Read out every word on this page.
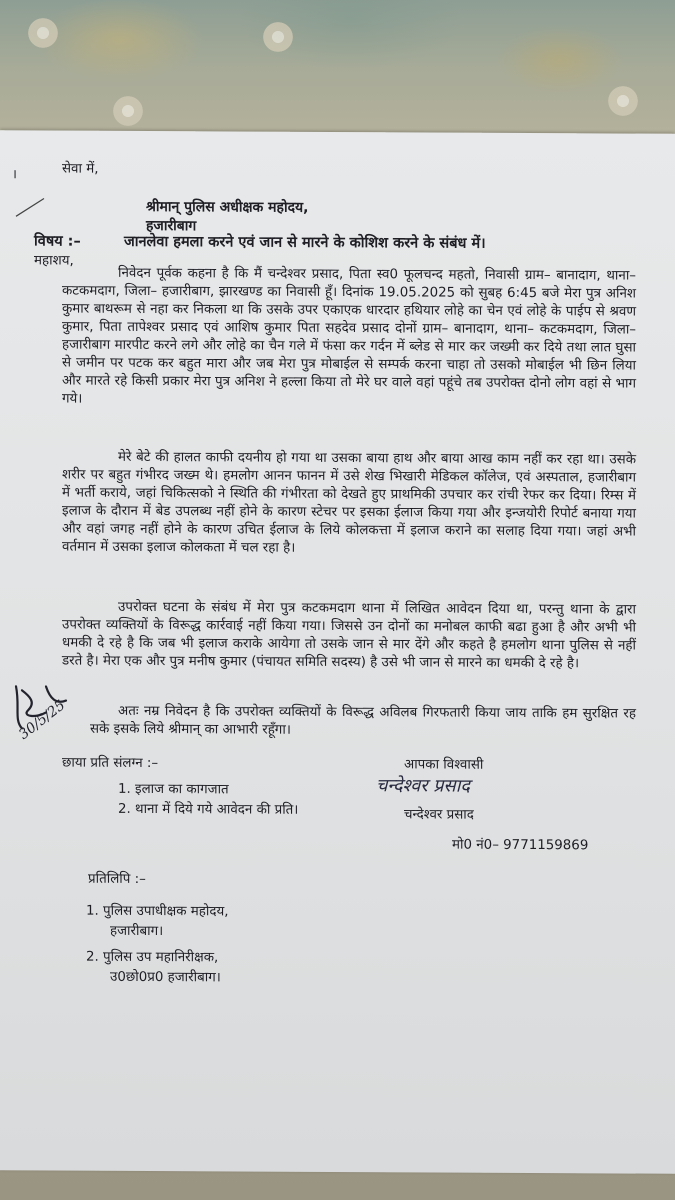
।	सेवा में,
श्रीमान् पुलिस अधीक्षक महोदय,
हजारीबाग
विषय :–	जानलेवा हमला करने एवं जान से मारने के कोशिश करने के संबंध में।
महाशय,
निवेदन पूर्वक कहना है कि मैं चन्देश्वर प्रसाद, पिता स्व0 फूलचन्द महतो, निवासी ग्राम– बानादाग, थाना– कटकमदाग, जिला– हजारीबाग, झारखण्ड का निवासी हूँ। दिनांक 19.05.2025 को सुबह 6:45 बजे मेरा पुत्र अनिश कुमार बाथरूम से नहा कर निकला था कि उसके उपर एकाएक धारदार हथियार लोहे का चेन एवं लोहे के पाईप से श्रवण कुमार, पिता तापेश्वर प्रसाद एवं आशिष कुमार पिता सहदेव प्रसाद दोनों ग्राम– बानादाग, थाना– कटकमदाग, जिला– हजारीबाग मारपीट करने लगे और लोहे का चैन गले में फंसा कर गर्दन में ब्लेड से मार कर जख्मी कर दिये तथा लात घुसा से जमीन पर पटक कर बहुत मारा और जब मेरा पुत्र मोबाईल से सम्पर्क करना चाहा तो उसको मोबाईल भी छिन लिया और मारते रहे किसी प्रकार मेरा पुत्र अनिश ने हल्ला किया तो मेरे घर वाले वहां पहूंचे तब उपरोक्त दोनो लोग वहां से भाग गये।
मेरे बेटे की हालत काफी दयनीय हो गया था उसका बाया हाथ और बाया आख काम नहीं कर रहा था। उसके शरीर पर बहुत गंभीरद जख्म थे। हमलोग आनन फानन में उसे शेख भिखारी मेडिकल कॉलेज, एवं अस्पताल, हजारीबाग में भर्ती कराये, जहां चिकित्सको ने स्थिति की गंभीरता को देखते हुए प्राथमिकी उपचार कर रांची रेफर कर दिया। रिम्स में इलाज के दौरान में बेड उपलब्ध नहीं होने के कारण स्टेचर पर इसका ईलाज किया गया और इन्जयोरी रिपोर्ट बनाया गया और वहां जगह नहीं होने के कारण उचित ईलाज के लिये कोलकत्ता में इलाज कराने का सलाह दिया गया। जहां अभी वर्तमान में उसका इलाज कोलकता में चल रहा है।
उपरोक्त घटना के संबंध में मेरा पुत्र कटकमदाग थाना में लिखित आवेदन दिया था, परन्तु थाना के द्वारा उपरोक्त व्यक्तियों के विरूद्ध कार्रवाई नहीं किया गया। जिससे उन दोनों का मनोबल काफी बढा हुआ है और अभी भी धमकी दे रहे है कि जब भी इलाज कराके आयेगा तो उसके जान से मार देंगे और कहते है हमलोग थाना पुलिस से नहीं डरते है। मेरा एक और पुत्र मनीष कुमार (पंचायत समिति सदस्य) है उसे भी जान से मारने का धमकी दे रहे है।
अतः नम्र निवेदन है कि उपरोक्त व्यक्तियों के विरूद्ध अविलब गिरफतारी किया जाय ताकि हम सुरक्षित रह सके इसके लिये श्रीमान् का आभारी रहूँगा।
छाया प्रति संलग्न :–
1. इलाज का कागजात
2. थाना में दिये गये आवेदन की प्रति।
आपका विश्वासी
चन्देश्वर प्रसाद
चन्देश्वर प्रसाद
मो0 नं0– 9771159869
प्रतिलिपि :–
1. पुलिस उपाधीक्षक महोदय,
हजारीबाग।
2. पुलिस उप महानिरीक्षक,
उ0छो0प्र0 हजारीबाग।
30/5/25
